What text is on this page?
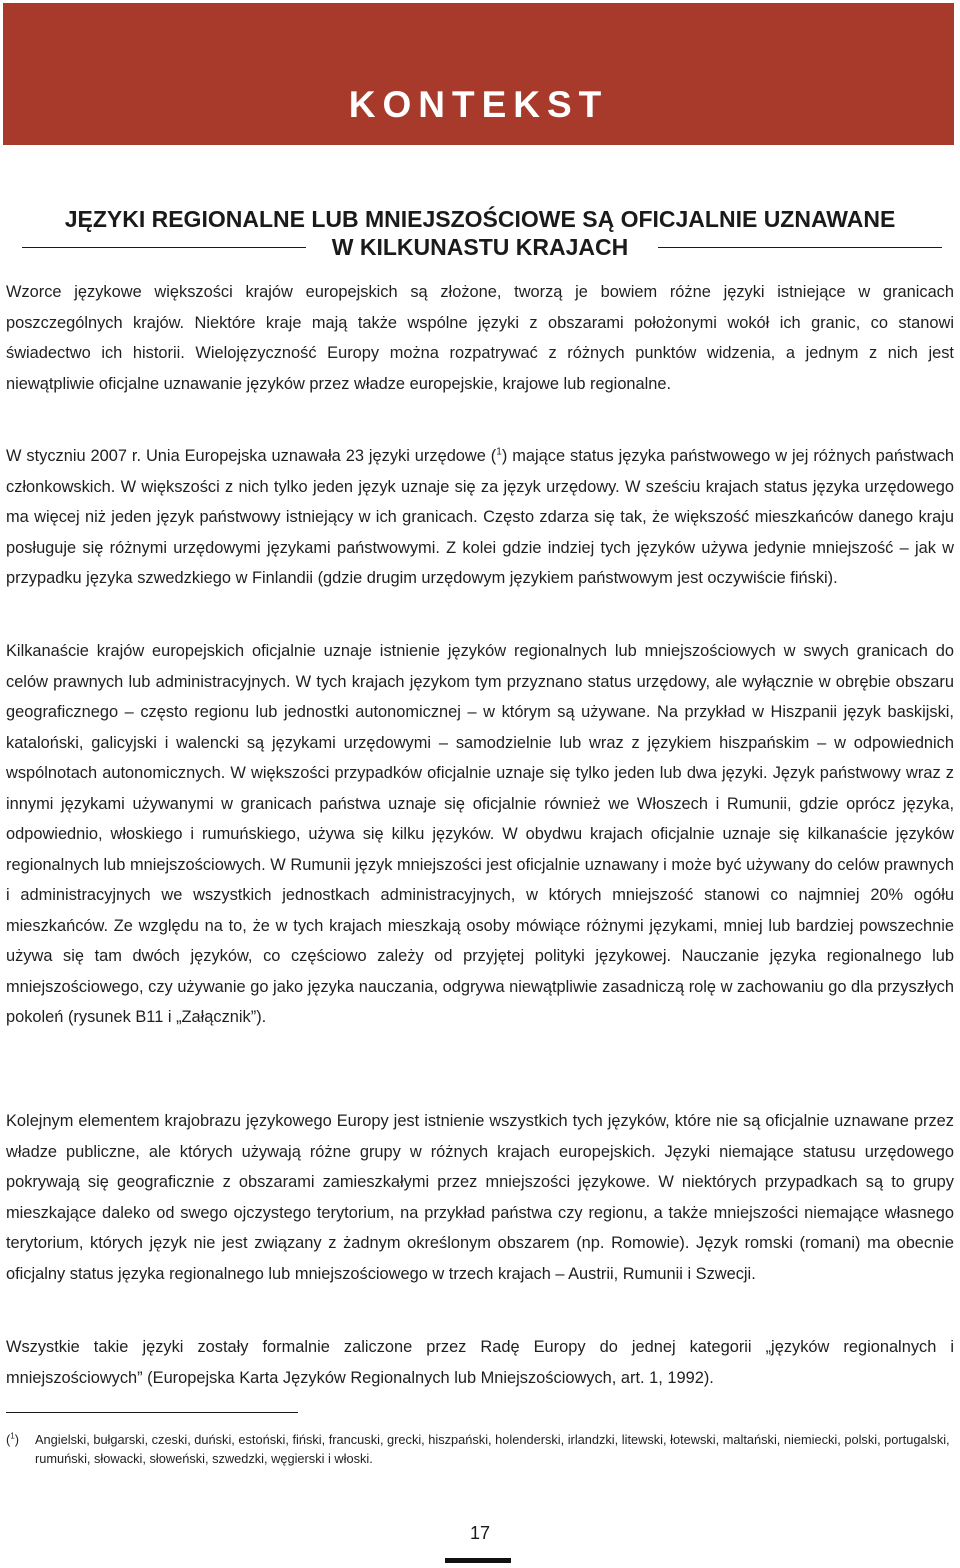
KONTEKST
JĘZYKI REGIONALNE LUB MNIEJSZOŚCIOWE SĄ OFICJALNIE UZNAWANE
W KILKUNASTU KRAJACH

Wzorce językowe większości krajów europejskich są złożone, tworzą je bowiem różne języki istniejące w granicach poszczególnych krajów. Niektóre kraje mają także wspólne języki z obszarami położonymi wokół ich granic, co stanowi świadectwo ich historii. Wielojęzyczność Europy można rozpatrywać z różnych punktów widzenia, a jednym z nich jest niewątpliwie oficjalne uznawanie języków przez władze europejskie, krajowe lub regionalne.

W styczniu 2007 r. Unia Europejska uznawała 23 języki urzędowe ($^1$) mające status języka państwowego w jej różnych państwach członkowskich. W większości z nich tylko jeden język uznaje się za język urzędowy. W sześciu krajach status języka urzędowego ma więcej niż jeden język państwowy istniejący w ich granicach. Często zdarza się tak, że większość mieszkańców danego kraju posługuje się różnymi urzędowymi językami państwowymi. Z kolei gdzie indziej tych języków używa jedynie mniejszość – jak w przypadku języka szwedzkiego w Finlandii (gdzie drugim urzędowym językiem państwowym jest oczywiście fiński).

Kilkanaście krajów europejskich oficjalnie uznaje istnienie języków regionalnych lub mniejszościowych w swych granicach do celów prawnych lub administracyjnych. W tych krajach językom tym przyznano status urzędowy, ale wyłącznie w obrębie obszaru geograficznego – często regionu lub jednostki autonomicznej – w którym są używane. Na przykład w Hiszpanii język baskijski, kataloński, galicyjski i walencki są językami urzędowymi – samodzielnie lub wraz z językiem hiszpańskim – w odpowiednich wspólnotach autonomicznych. W większości przypadków oficjalnie uznaje się tylko jeden lub dwa języki. Język państwowy wraz z innymi językami używanymi w granicach państwa uznaje się oficjalnie również we Włoszech i Rumunii, gdzie oprócz języka, odpowiednio, włoskiego i rumuńskiego, używa się kilku języków. W obydwu krajach oficjalnie uznaje się kilkanaście języków regionalnych lub mniejszościowych. W Rumunii język mniejszości jest oficjalnie uznawany i może być używany do celów prawnych i administracyjnych we wszystkich jednostkach administracyjnych, w których mniejszość stanowi co najmniej 20% ogółu mieszkańców. Ze względu na to, że w tych krajach mieszkają osoby mówiące różnymi językami, mniej lub bardziej powszechnie używa się tam dwóch języków, co częściowo zależy od przyjętej polityki językowej. Nauczanie języka regionalnego lub mniejszościowego, czy używanie go jako języka nauczania, odgrywa niewątpliwie zasadniczą rolę w zachowaniu go dla przyszłych pokoleń (rysunek B11 i „Załącznik”).

Kolejnym elementem krajobrazu językowego Europy jest istnienie wszystkich tych języków, które nie są oficjalnie uznawane przez władze publiczne, ale których używają różne grupy w różnych krajach europejskich. Języki niemające statusu urzędowego pokrywają się geograficznie z obszarami zamieszkałymi przez mniejszości językowe. W niektórych przypadkach są to grupy mieszkające daleko od swego ojczystego terytorium, na przykład państwa czy regionu, a także mniejszości niemające własnego terytorium, których język nie jest związany z żadnym określonym obszarem (np. Romowie). Język romski (romani) ma obecnie oficjalny status języka regionalnego lub mniejszościowego w trzech krajach – Austrii, Rumunii i Szwecji.

Wszystkie takie języki zostały formalnie zaliczone przez Radę Europy do jednej kategorii „języków regionalnych i mniejszościowych” (Europejska Karta Języków Regionalnych lub Mniejszościowych, art. 1, 1992).

($^1$) Angielski, bułgarski, czeski, duński, estoński, fiński, francuski, grecki, hiszpański, holenderski, irlandzki, litewski, łotewski, maltański, niemiecki, polski, portugalski, rumuński, słowacki, słoweński, szwedzki, węgierski i włoski.
17
